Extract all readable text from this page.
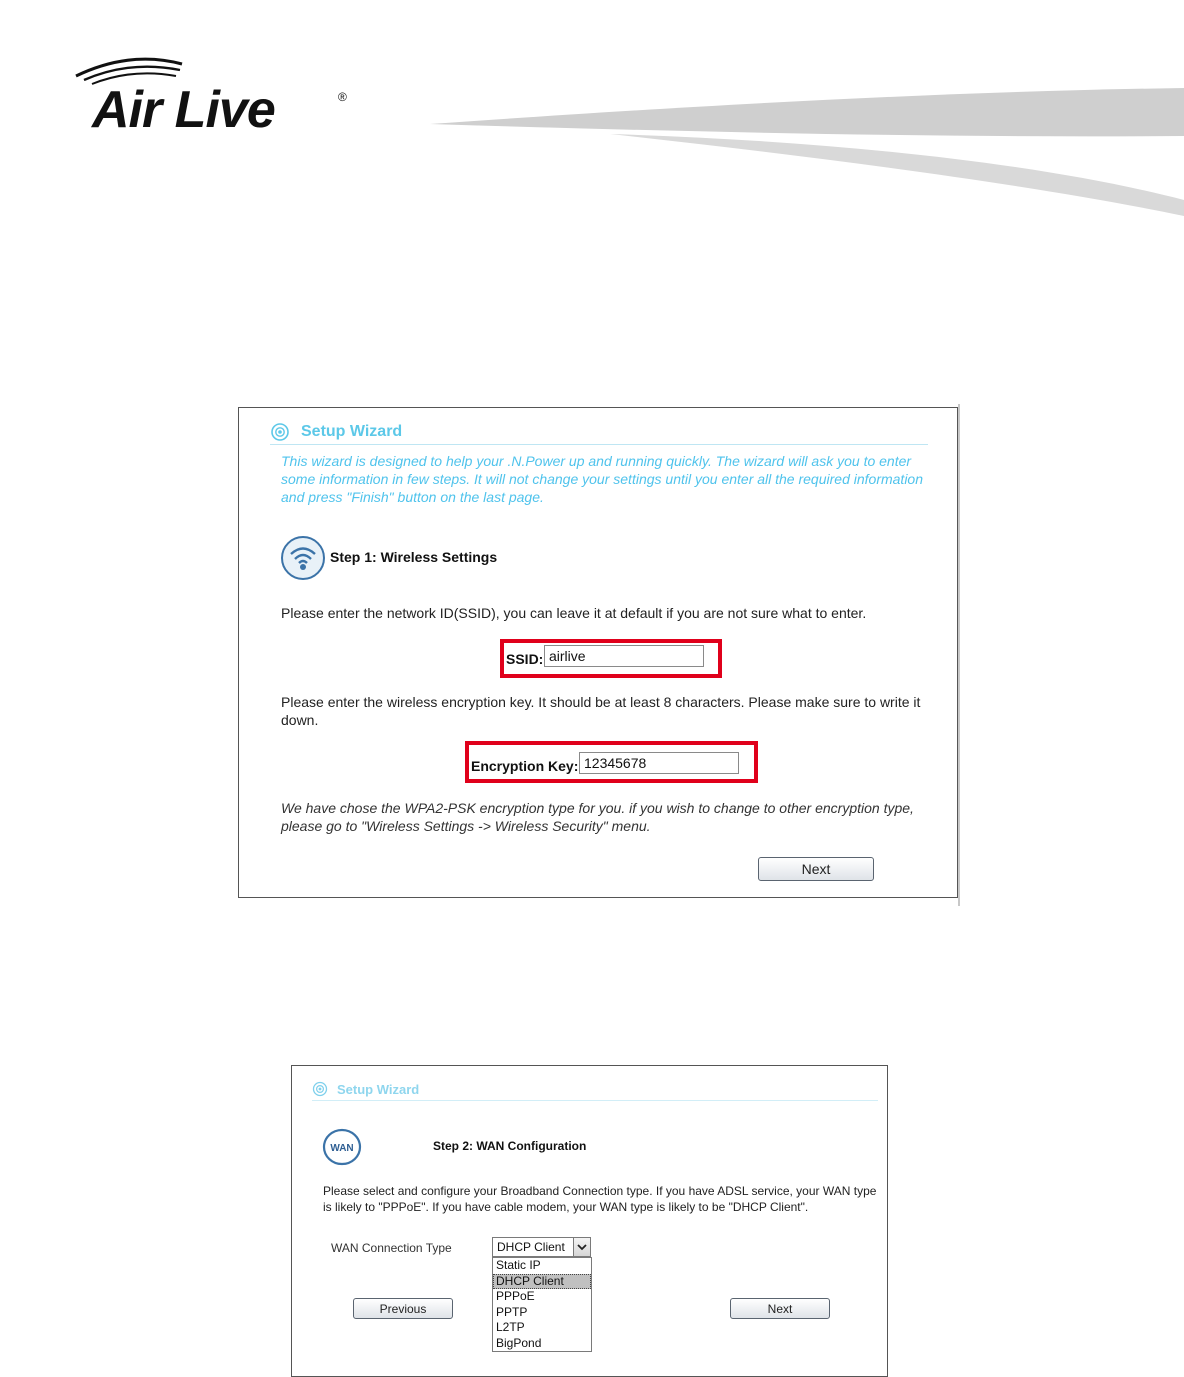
Air Live	®
Setup Wizard
This wizard is designed to help your .N.Power up and running quickly. The wizard will ask you to enter some information in few steps. It will not change your settings until you enter all the required information and press "Finish" button on the last page.
Step 1: Wireless Settings
Please enter the network ID(SSID), you can leave it at default if you are not sure what to enter.
SSID:
airlive
Please enter the wireless encryption key. It should be at least 8 characters. Please make sure to write it down.
Encryption Key:
12345678
We have chose the WPA2-PSK encryption type for you. if you wish to change to other encryption type, please go to "Wireless Settings -> Wireless Security" menu.
Next
Setup Wizard
WAN	Step 2: WAN Configuration
Please select and configure your Broadband Connection type. If you have ADSL service, your WAN type is likely to "PPPoE". If you have cable modem, your WAN type is likely to be "DHCP Client".
WAN Connection Type	DHCP Client
Static IP
DHCP Client
PPPoE
PPTP
L2TP
BigPond
Previous	Next
